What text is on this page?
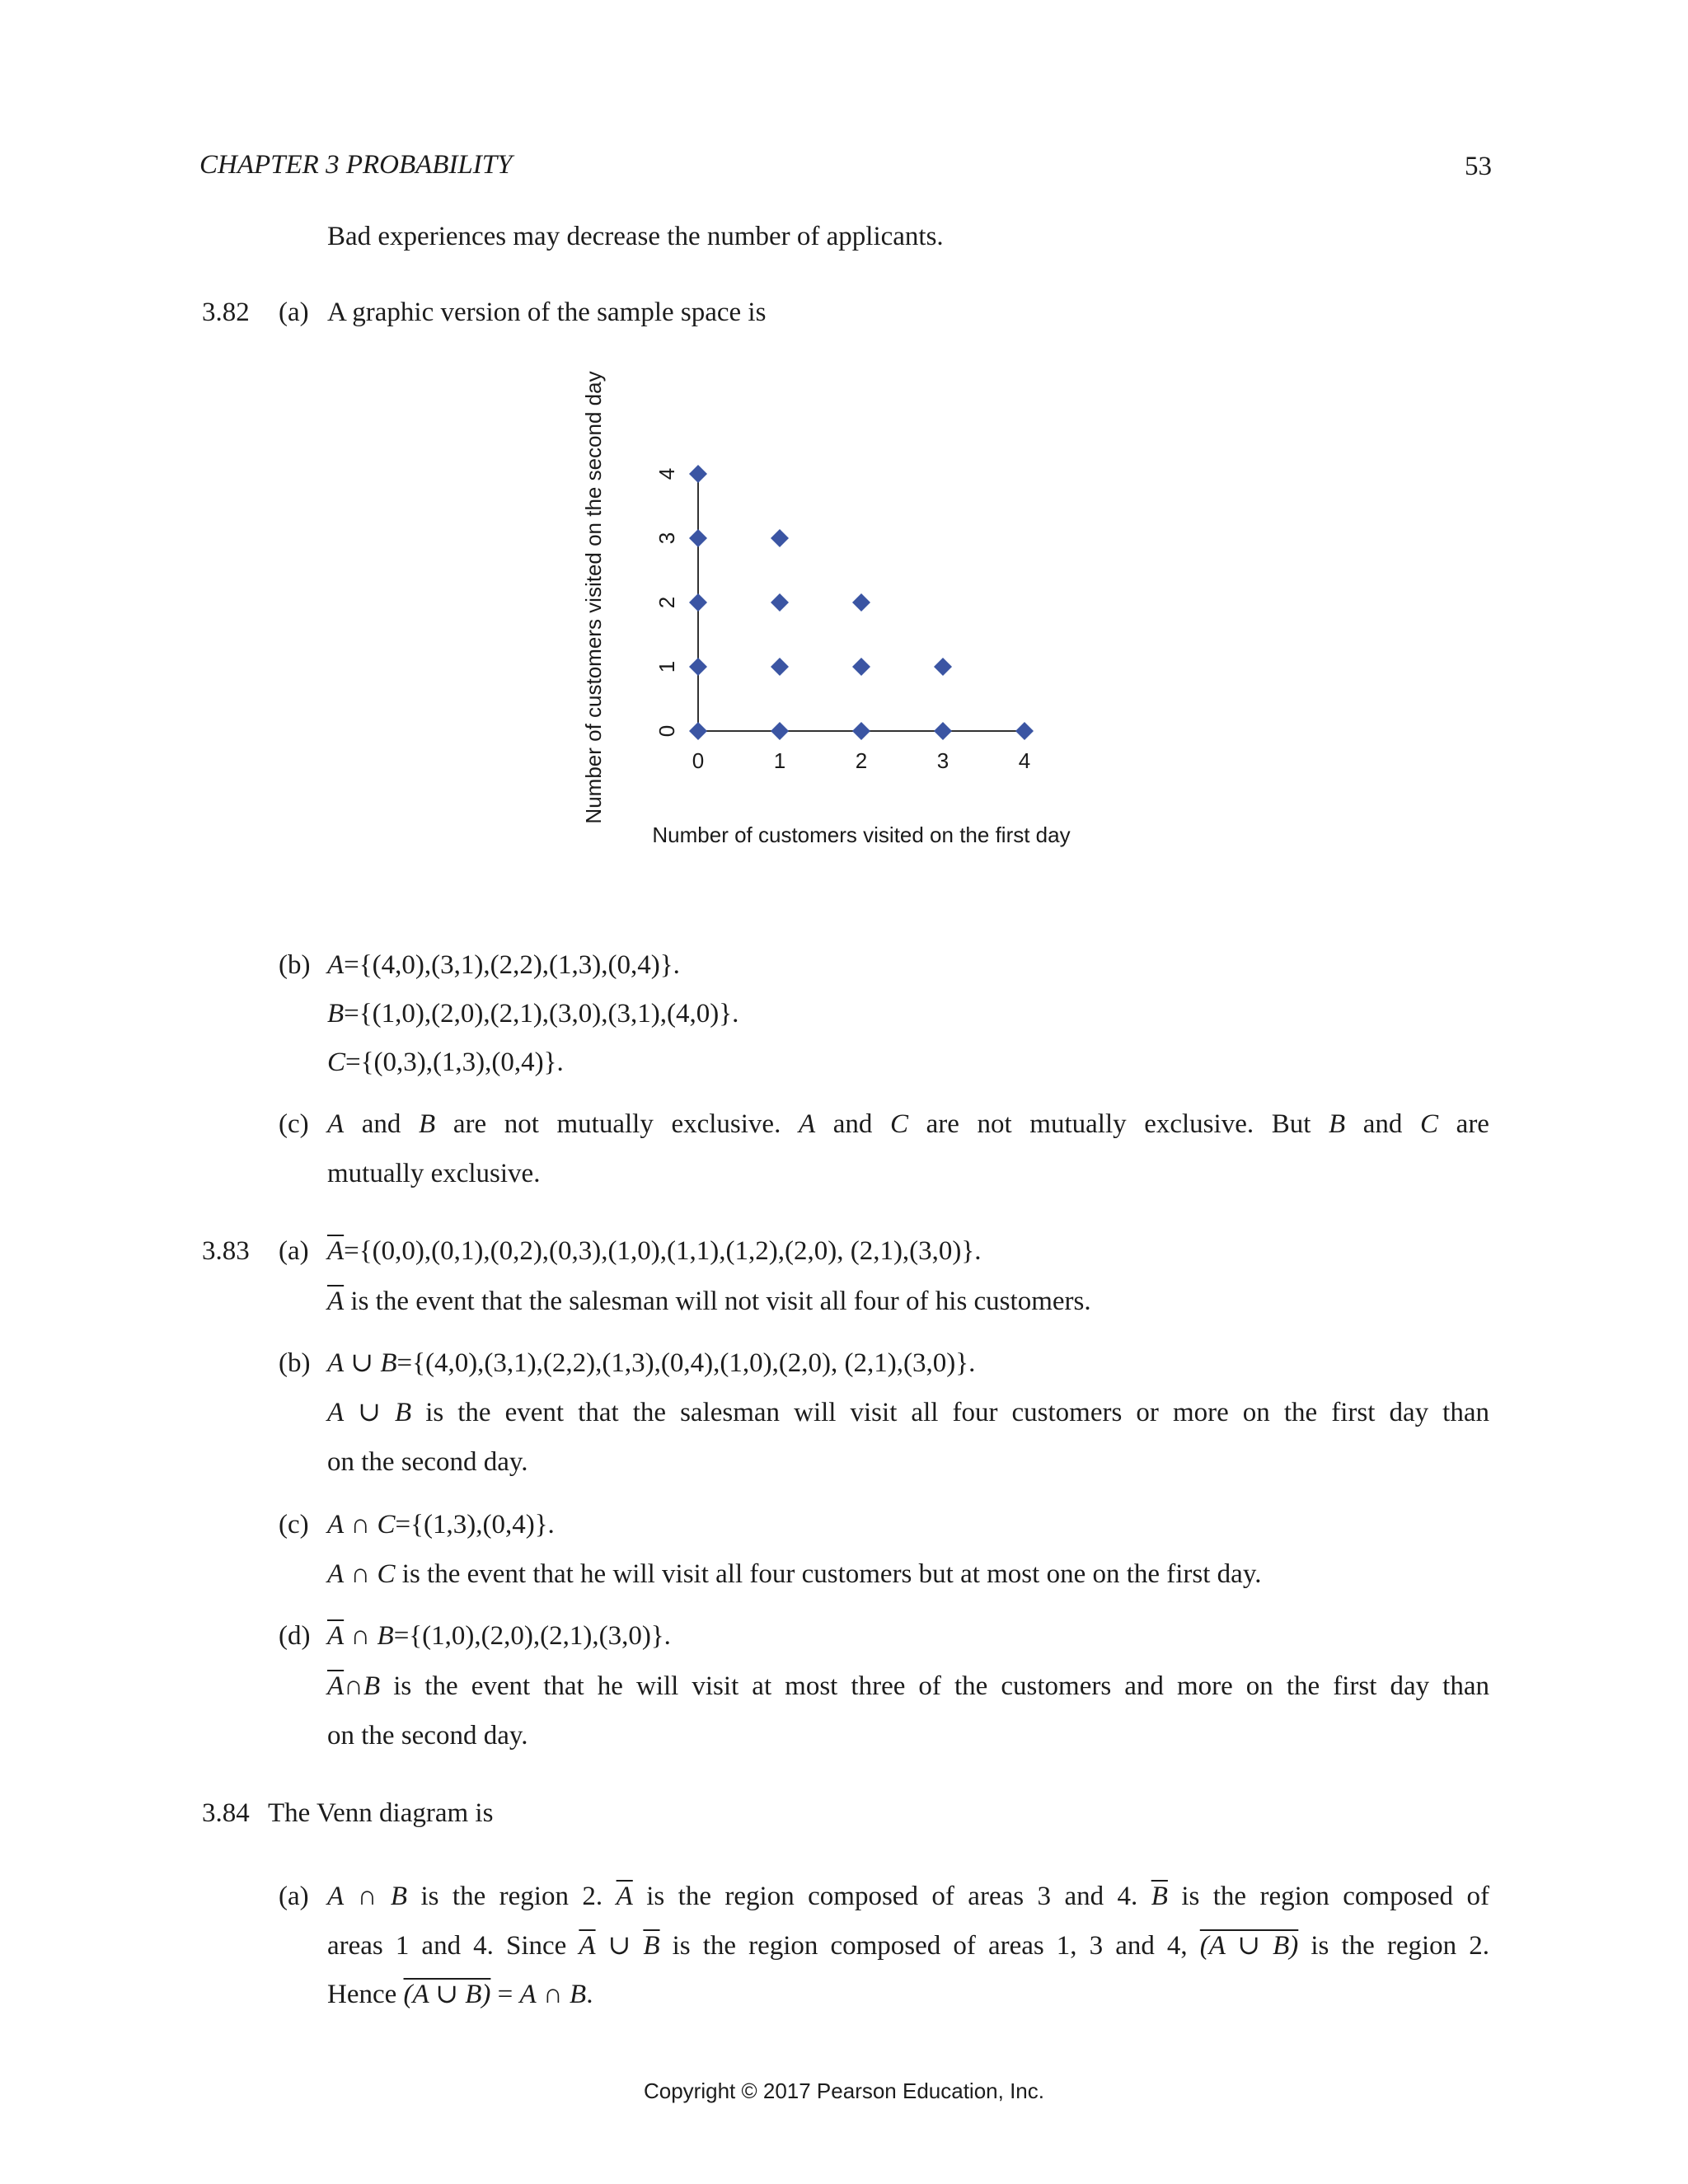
CHAPTER 3 PROBABILITY	53
Bad experiences may decrease the number of applicants.
3.82 (a) A graphic version of the sample space is
0	1	2	3	4
0
1
2
3
4
Number of customers visited on the first day
Number of customers visited on the second day
(b) A={(4,0),(3,1),(2,2),(1,3),(0,4)}.
B={(1,0),(2,0),(2,1),(3,0),(3,1),(4,0)}.
C={(0,3),(1,3),(0,4)}.
(c) A and B are not mutually exclusive. A and C are not mutually exclusive. But B and C are
mutually exclusive.
3.83 (a) $\overline{A}=\{(0,0),(0,1),(0,2),(0,3),(1,0),(1,1),(1,2),(2,0)$, (2,1),(3,0)}.
$\overline{A}$ is the event that the salesman will not visit all four of his customers.
(b) A ∪ B={(4,0),(3,1),(2,2),(1,3),(0,4),(1,0),(2,0), (2,1),(3,0)}.
A ∪ B is the event that the salesman will visit all four customers or more on the first day than
on the second day.
(c) A ∩ C={(1,3),(0,4)}.
A ∩ C is the event that he will visit all four customers but at most one on the first day.
(d) $\overline{A}$ ∩ B={(1,0),(2,0),(2,1),(3,0)}.
$\overline{A}\cap B$ is the event that he will visit at most three of the customers and more on the first day than
on the second day.
3.84 The Venn diagram is
(a) A ∩ B is the region 2. $\overline{A}$ is the region composed of areas 3 and 4. $\overline{B}$ is the region composed of
areas 1 and 4. Since $\overline{A}$ ∪ $\overline{B}$ is the region composed of areas 1, 3 and 4, (A ∪ B) is the region 2.
Hence (A ∪ B) = A ∩ B.
Copyright © 2017 Pearson Education, Inc.
